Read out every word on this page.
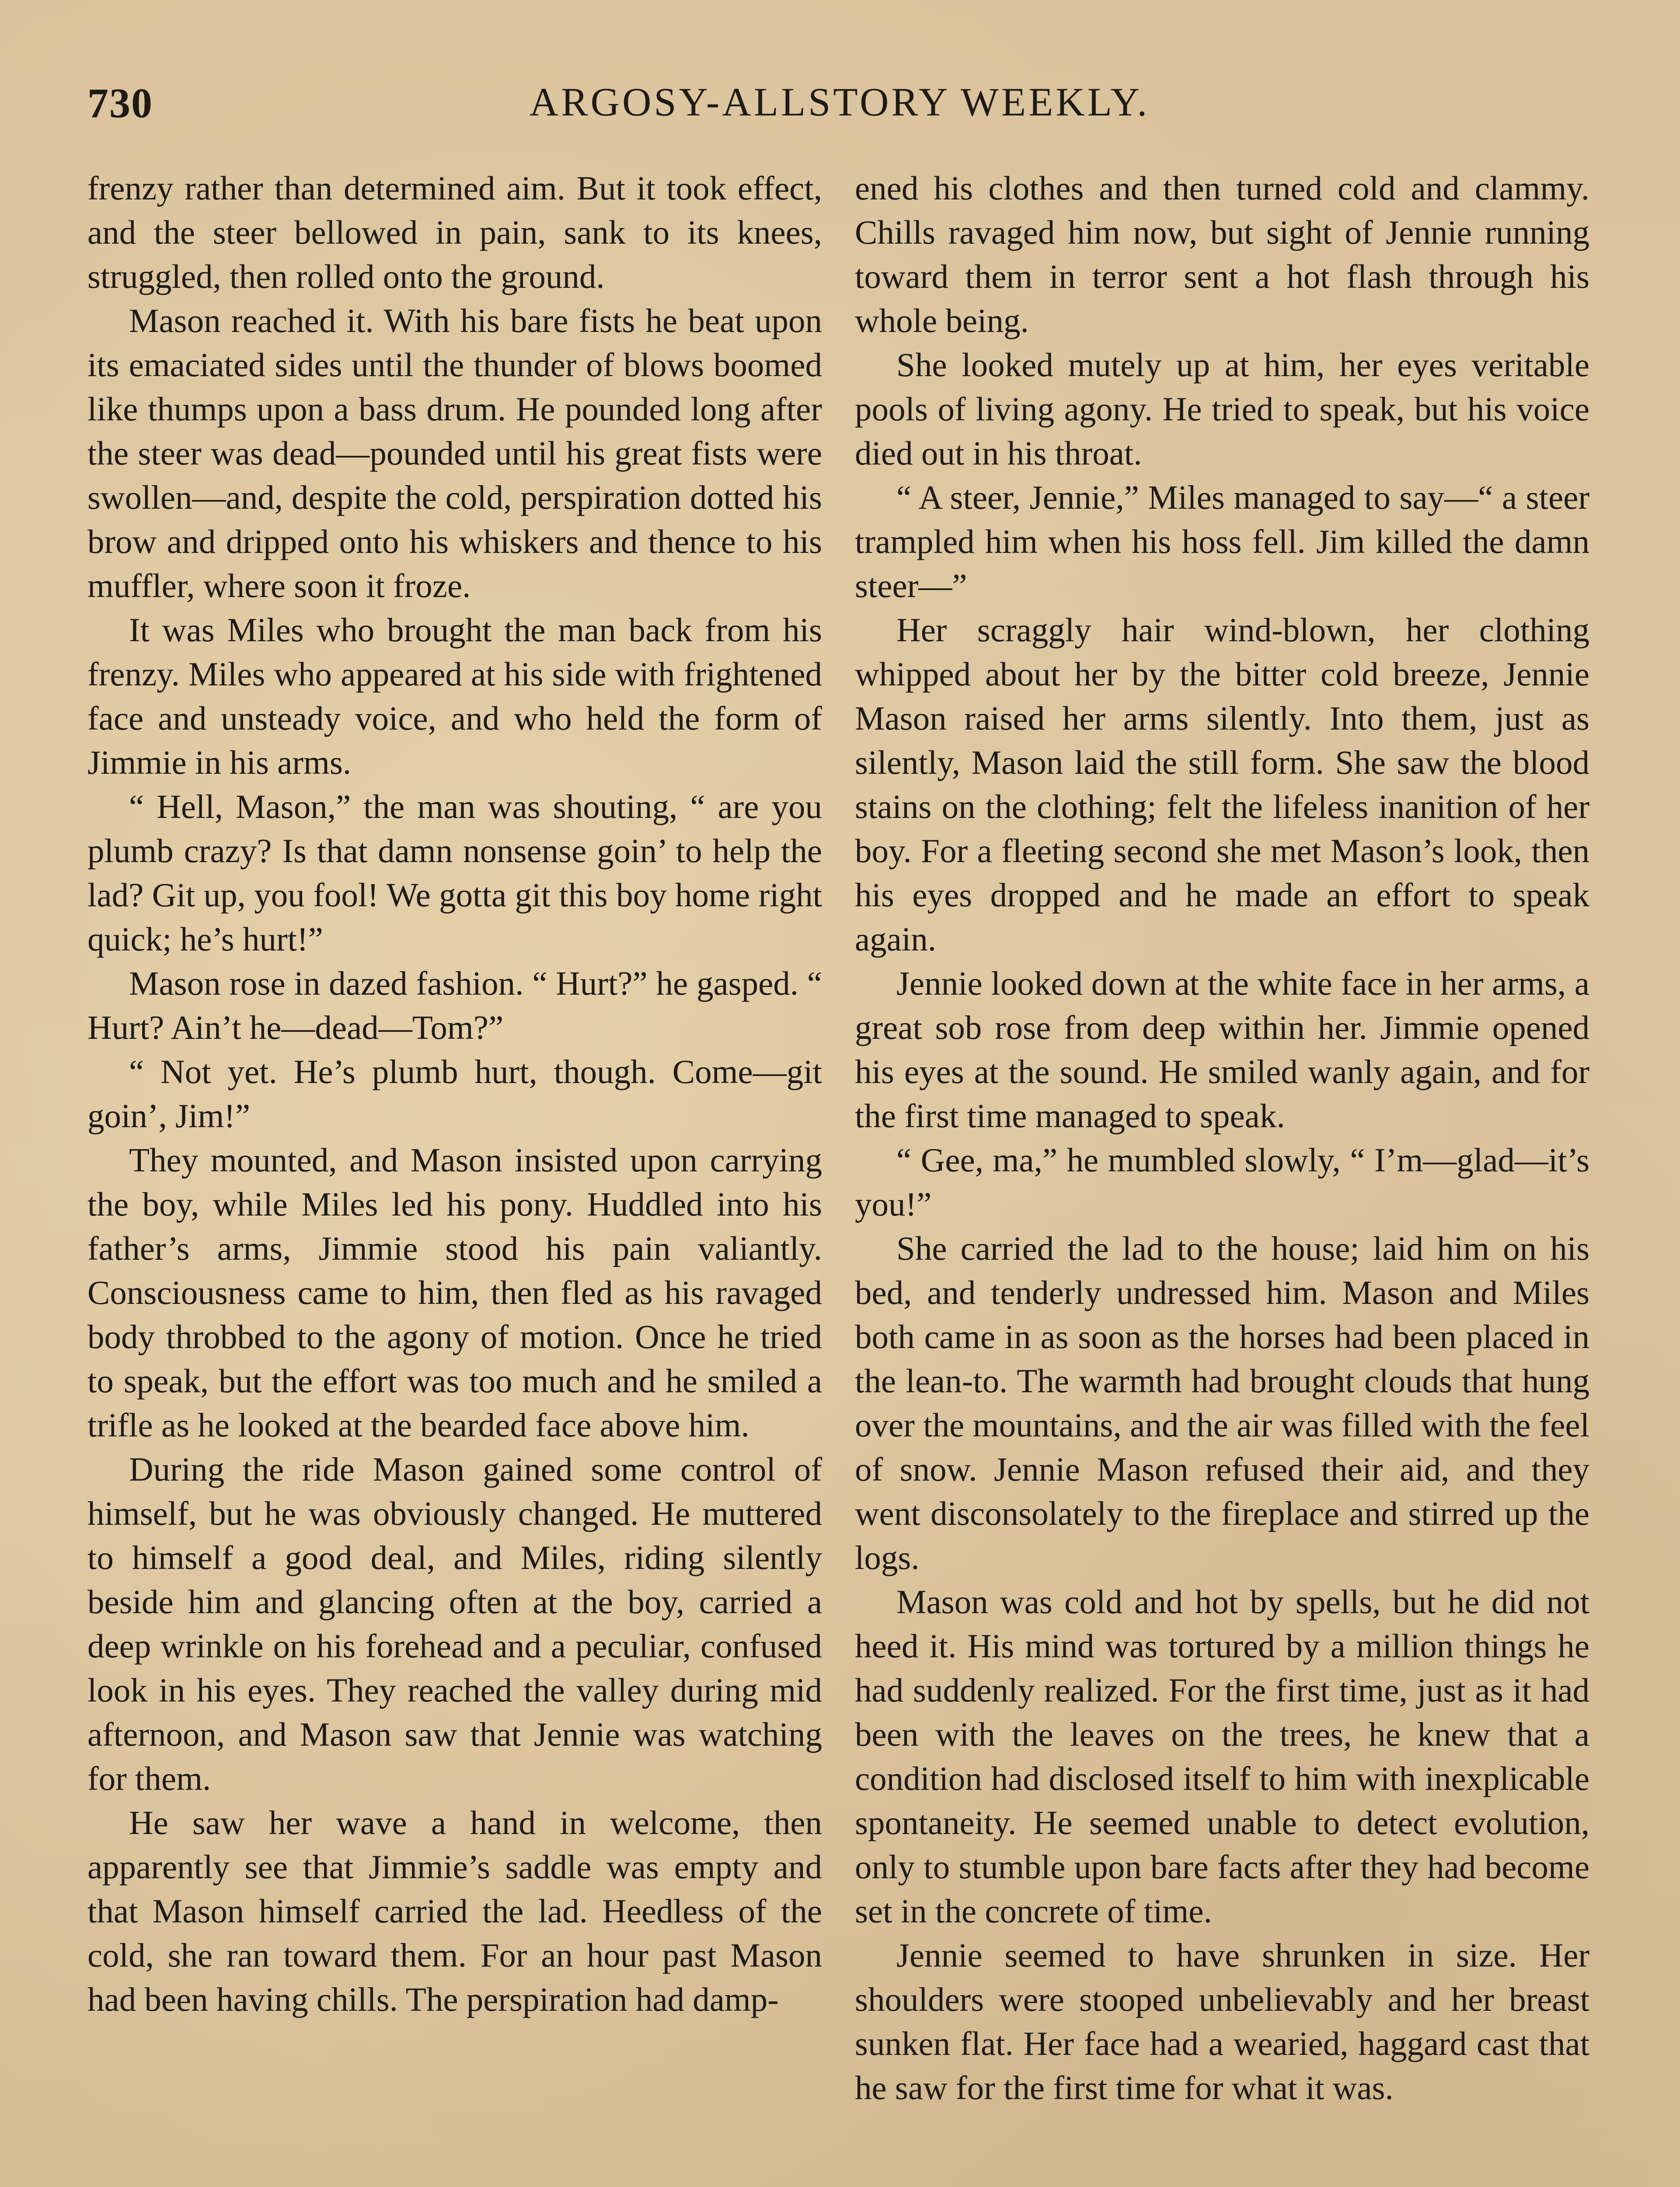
730	ARGOSY-ALLSTORY WEEKLY.

frenzy rather than determined aim. But it took effect, and the steer bellowed in pain, sank to its knees, struggled, then rolled onto the ground.

Mason reached it. With his bare fists he beat upon its emaciated sides until the thunder of blows boomed like thumps upon a bass drum. He pounded long after the steer was dead—pounded until his great fists were swollen—and, despite the cold, perspiration dotted his brow and dripped onto his whiskers and thence to his muffler, where soon it froze.

It was Miles who brought the man back from his frenzy. Miles who appeared at his side with frightened face and unsteady voice, and who held the form of Jimmie in his arms.

“ Hell, Mason,” the man was shouting, “ are you plumb crazy? Is that damn nonsense goin’ to help the lad? Git up, you fool! We gotta git this boy home right quick; he’s hurt!”

Mason rose in dazed fashion. “ Hurt?” he gasped. “ Hurt? Ain’t he—dead—Tom?”

“ Not yet. He’s plumb hurt, though. Come—git goin’, Jim!”

They mounted, and Mason insisted upon carrying the boy, while Miles led his pony. Huddled into his father’s arms, Jimmie stood his pain valiantly. Consciousness came to him, then fled as his ravaged body throbbed to the agony of motion. Once he tried to speak, but the effort was too much and he smiled a trifle as he looked at the bearded face above him.

During the ride Mason gained some control of himself, but he was obviously changed. He muttered to himself a good deal, and Miles, riding silently beside him and glancing often at the boy, carried a deep wrinkle on his forehead and a peculiar, confused look in his eyes. They reached the valley during mid afternoon, and Mason saw that Jennie was watching for them.

He saw her wave a hand in welcome, then apparently see that Jimmie’s saddle was empty and that Mason himself carried the lad. Heedless of the cold, she ran toward them. For an hour past Mason had been having chills. The perspiration had damp-

ened his clothes and then turned cold and clammy. Chills ravaged him now, but sight of Jennie running toward them in terror sent a hot flash through his whole being.

She looked mutely up at him, her eyes veritable pools of living agony. He tried to speak, but his voice died out in his throat.

“ A steer, Jennie,” Miles managed to say—“ a steer trampled him when his hoss fell. Jim killed the damn steer—”

Her scraggly hair wind-blown, her clothing whipped about her by the bitter cold breeze, Jennie Mason raised her arms silently. Into them, just as silently, Mason laid the still form. She saw the blood stains on the clothing; felt the lifeless inanition of her boy. For a fleeting second she met Mason’s look, then his eyes dropped and he made an effort to speak again.

Jennie looked down at the white face in her arms, a great sob rose from deep within her. Jimmie opened his eyes at the sound. He smiled wanly again, and for the first time managed to speak.

“ Gee, ma,” he mumbled slowly, “ I’m—glad—it’s you!”

She carried the lad to the house; laid him on his bed, and tenderly undressed him. Mason and Miles both came in as soon as the horses had been placed in the lean-to. The warmth had brought clouds that hung over the mountains, and the air was filled with the feel of snow. Jennie Mason refused their aid, and they went disconsolately to the fireplace and stirred up the logs.

Mason was cold and hot by spells, but he did not heed it. His mind was tortured by a million things he had suddenly realized. For the first time, just as it had been with the leaves on the trees, he knew that a condition had disclosed itself to him with inexplicable spontaneity. He seemed unable to detect evolution, only to stumble upon bare facts after they had become set in the concrete of time.

Jennie seemed to have shrunken in size. Her shoulders were stooped unbelievably and her breast sunken flat. Her face had a wearied, haggard cast that he saw for the first time for what it was.
